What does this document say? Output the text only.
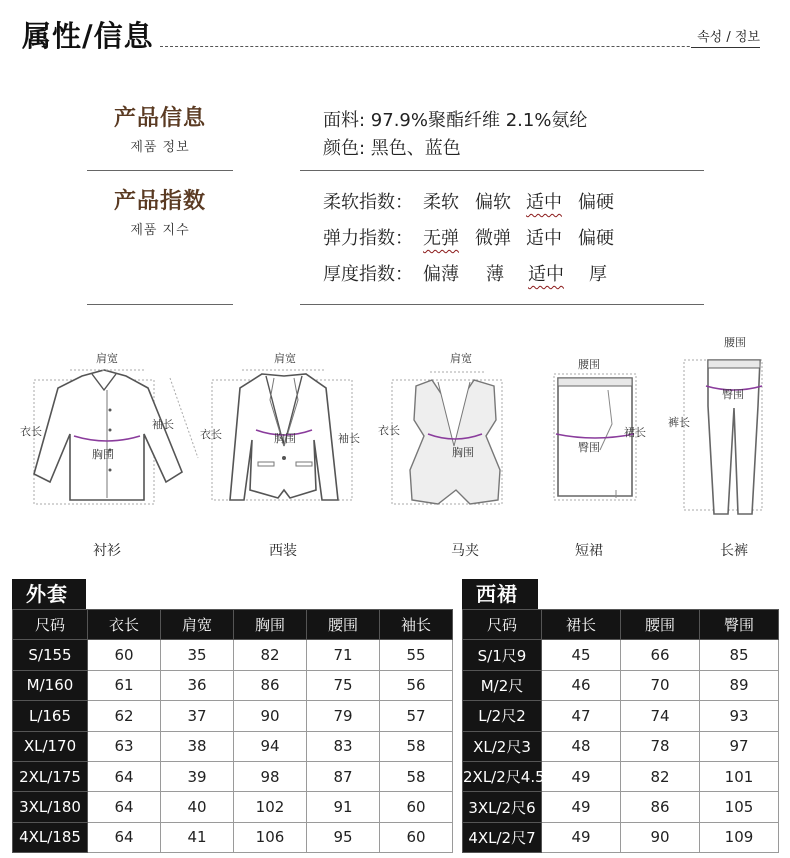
属性/信息	속성 / 정보
产品信息
제품 정보
面料: 97.9%聚酯纤维 2.1%氨纶
颜色: 黑色、蓝色
产品指数
제품 지수
柔软指数： 柔软 偏软 适中 偏硬
弹力指数： 无弹 微弹 适中 偏硬
厚度指数： 偏薄 薄 适中 厚
肩宽
衣长
袖长
胸围
衬衫
肩宽
衣长	袖长
胸围
西装
肩宽
衣长
胸围
马夹
腰围
裙长
臀围
短裙
腰围
裤长
臀围
长裤
外套
尺码	衣长	肩宽	胸围	腰围	袖长
S/155	60	35	82	71	55
M/160	61	36	86	75	56
L/165	62	37	90	79	57
XL/170	63	38	94	83	58
2XL/175	64	39	98	87	58
3XL/180	64	40	102	91	60
4XL/185	64	41	106	95	60
西裙
尺码	裙长	腰围	臀围
S/1尺9	45	66	85
M/2尺	46	70	89
L/2尺2	47	74	93
XL/2尺3	48	78	97
2XL/2尺4.5	49	82	101
3XL/2尺6	49	86	105
4XL/2尺7	49	90	109
